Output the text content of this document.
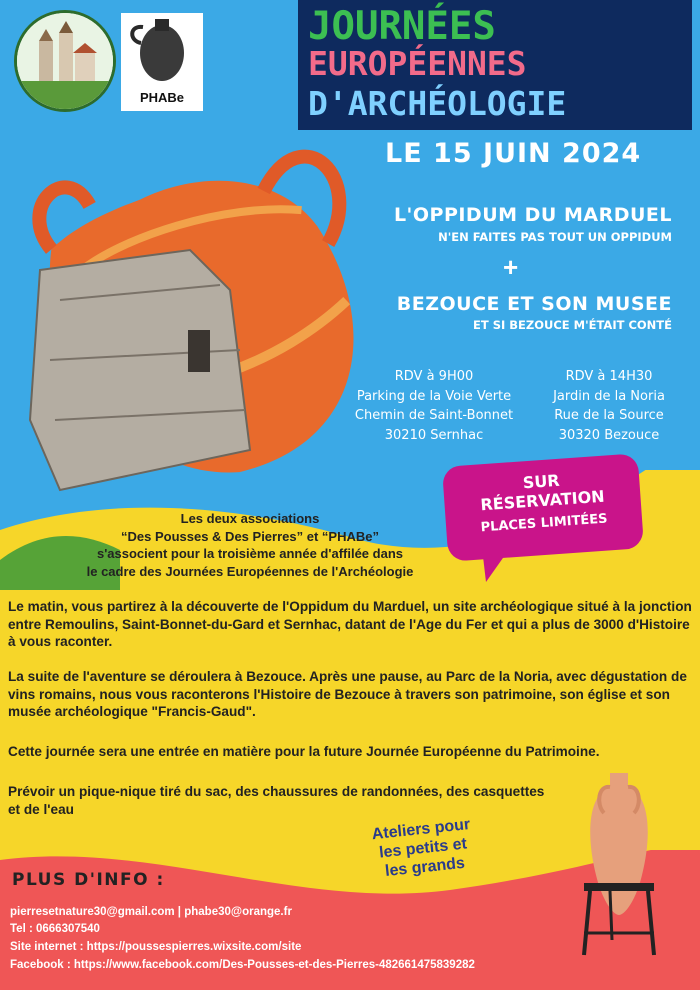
PHABe
JOURNÉES
EUROPÉENNES
D'ARCHÉOLOGIE
LE 15 JUIN 2024
L'OPPIDUM DU MARDUEL
N'EN FAITES PAS TOUT UN OPPIDUM
+
BEZOUCE ET SON MUSEE
ET SI BEZOUCE M'ÉTAIT CONTÉ
RDV à 9H00
Parking de la Voie Verte
Chemin de Saint-Bonnet
30210 Sernhac
RDV à 14H30
Jardin de la Noria
Rue de la Source
30320 Bezouce
SUR
RÉSERVATION
PLACES LIMITÉES
Les deux associations
“Des Pousses & Des Pierres” et “PHABe”
s'associent pour la troisième année d'affilée dans
le cadre des Journées Européennes de l'Archéologie
Le matin, vous partirez à la découverte de l'Oppidum du Marduel, un site archéologique situé à la jonction entre Remoulins, Saint-Bonnet-du-Gard et Sernhac, datant de l'Age du Fer et qui a plus de 3000 d'Histoire à vous raconter.
La suite de l'aventure se déroulera à Bezouce. Après une pause, au Parc de la Noria, avec dégustation de vins romains, nous vous raconterons l'Histoire de Bezouce à travers son patrimoine, son église et son musée archéologique "Francis-Gaud".
Cette journée sera une entrée en matière pour la future Journée Européenne du Patrimoine.
Prévoir un pique-nique tiré du sac, des chaussures de randonnées, des casquettes et de l'eau
Ateliers pour
les petits et
les grands
PLUS D'INFO :
pierresetnature30@gmail.com | phabe30@orange.fr
Tel : 0666307540
Site internet : https://poussespierres.wixsite.com/site
Facebook : https://www.facebook.com/Des-Pousses-et-des-Pierres-482661475839282
